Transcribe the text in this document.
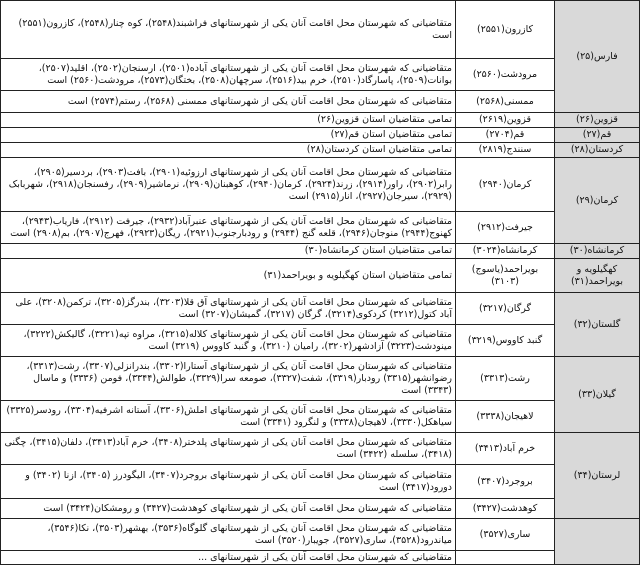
فارس(۲۵)	کازرون(۲۵۵۱)	متقاضیانی که شهرستان محل اقامت آنان یکی از شهرستانهای فراشبند(۲۵۴۸)، کوه چنار(۲۵۴۸)، کازرون(۲۵۵۱) است
	مرودشت(۲۵۶۰)	متقاضیانی که شهرستان محل اقامت آنان یکی از شهرستانهای آباده(۲۵۰۱)، ارسنجان(۲۵۰۲)، اقلید(۲۵۰۷)، بوانات(۲۵۰۹)، پاسارگاد(۲۵۱۰)، خرم بید(۲۵۱۶)، سرچهان(۲۵۰۸)، بختگان(۲۵۷۳)، مرودشت(۲۵۶۰) است
	ممسنی(۲۵۶۸)	متقاضیانی که شهرستان محل اقامت آنان یکی از شهرستانهای ممسنی (۲۵۶۸)، رستم(۲۵۷۴) است
قزوین(۲۶)	قزوین(۲۶۱۹)	تمامی متقاضیان استان قزوین(۲۶)
قم(۲۷)	قم(۲۷۰۴)	تمامی متقاضیان استان قم(۲۷)
کردستان(۲۸)	سنندج(۲۸۱۹)	تمامی متقاضیان استان کردستان(۲۸)
کرمان(۲۹)	کرمان(۲۹۴۰)	متقاضیانی که شهرستان محل اقامت آنان یکی از شهرستانهای ارزوئیه(۲۹۰۱)، بافت(۲۹۰۳)، بردسیر(۲۹۰۵)، رابر(۲۹۰۲)، راور(۲۹۱۴)، زرند(۲۹۲۴)، کرمان(۲۹۴۰)، کوهبنان(۲۹۰۹)، نرماشیر(۲۹۰۹)، رفسنجان(۲۹۱۸)، شهربابک (۲۹۲۹)، سیرجان(۲۹۲۷)، انار(۲۹۱۵) است
	جیرفت(۲۹۱۲)	متقاضیانی که شهرستان محل اقامت آنان یکی از شهرستانهای عنبرآباد(۲۹۳۲)، جیرفت (۲۹۱۲)، فاریاب(۲۹۴۳)، کهنوج(۲۹۴۴) منوجان(۲۹۴۶)، قلعه گنج (۲۹۴۴) و رودبارجنوب(۲۹۲۱)، ریگان(۲۹۲۳)، فهرج(۲۹۰۷)، بم(۲۹۰۸) است
کرمانشاه(۳۰)	کرمانشاه(۳۰۲۴)	تمامی متقاضیان استان کرمانشاه(۳۰)
کهگیلویه و بویراحمد(۳۱)	بویراحمد(یاسوج)(۳۱۰۳)	تمامی متقاضیان استان کهگیلویه و بویراحمد(۳۱)
گلستان(۳۲)	گرگان(۳۲۱۷)	متقاضیانی که شهرستان محل اقامت آنان یکی از شهرستانهای آق قلا(۳۲۰۳)، بندرگز(۳۲۰۵)، ترکمن(۳۲۰۸)، علی آباد کتول(۳۲۱۲) کردکوی(۳۲۱۴)، گرگان (۳۲۱۷)، گمیشان(۳۲۰۷) است
	گنبد کاووس(۳۲۱۹)	متقاضیانی که شهرستان محل اقامت آنان یکی از شهرستانهای کلاله(۳۲۱۵)، مراوه تپه(۳۲۲۱)، گالیکش(۳۲۲۲)، مینودشت(۳۲۲۳) آزادشهر(۳۲۰۲)، رامیان (۳۲۱۰)، و گنبد کاووس (۳۲۱۹) است
گیلان(۳۳)	رشت(۳۳۱۳)	متقاضیانی که شهرستان محل اقامت آنان یکی از شهرستانهای آستارا(۳۳۰۲)، بندرانزلی(۳۳۰۷)، رشت(۳۳۱۳)، رضوانشهر(۳۳۱۵) رودبار(۳۳۱۹)، شفت(۳۳۲۷)، صومعه سرا(۳۳۲۹)، طوالش(۳۳۴۴)، فومن (۳۳۳۶) و ماسال (۳۳۴۳) است
	لاهیجان(۳۳۳۸)	متقاضیانی که شهرستان محل اقامت آنان یکی از شهرستانهای املش(۳۳۰۶)، آستانه اشرفیه(۳۳۰۴)، رودسر(۳۳۲۵) سیاهکل(۳۳۳۰)، لاهیجان(۳۳۳۸) و لنگرود (۳۳۴۱) است
لرستان(۳۴)	خرم آباد(۳۴۱۳)	متقاضیانی که شهرستان محل اقامت آنان یکی از شهرستانهای پلدختر(۳۴۰۸)، خرم آباد(۳۴۱۳)، دلفان(۳۴۱۵)، چگنی (۳۴۱۸)، سلسله (۳۴۲۲) است
	بروجرد(۳۴۰۷)	متقاضیانی که شهرستان محل اقامت آنان یکی از شهرستانهای بروجرد(۳۴۰۷)، الیگودرز (۳۴۰۵)، ازنا (۳۴۰۲) و دورود(۳۴۱۷) است
	کوهدشت(۳۴۲۷)	متقاضیانی که شهرستان محل اقامت آنان یکی از شهرستانهای کوهدشت(۳۴۲۷) و رومشکان(۳۴۲۴) است
	ساری(۳۵۲۷)	متقاضیانی که شهرستان محل اقامت آنان یکی از شهرستانهای گلوگاه(۳۵۳۶)، بهشهر(۳۵۰۳)، نکا(۳۵۴۶)، میاندرود(۳۵۲۸)، ساری(۳۵۲۷)، جویبار(۳۵۲۰) است
		متقاضیانی که شهرستان محل اقامت آنان یکی از شهرستانهای ...
